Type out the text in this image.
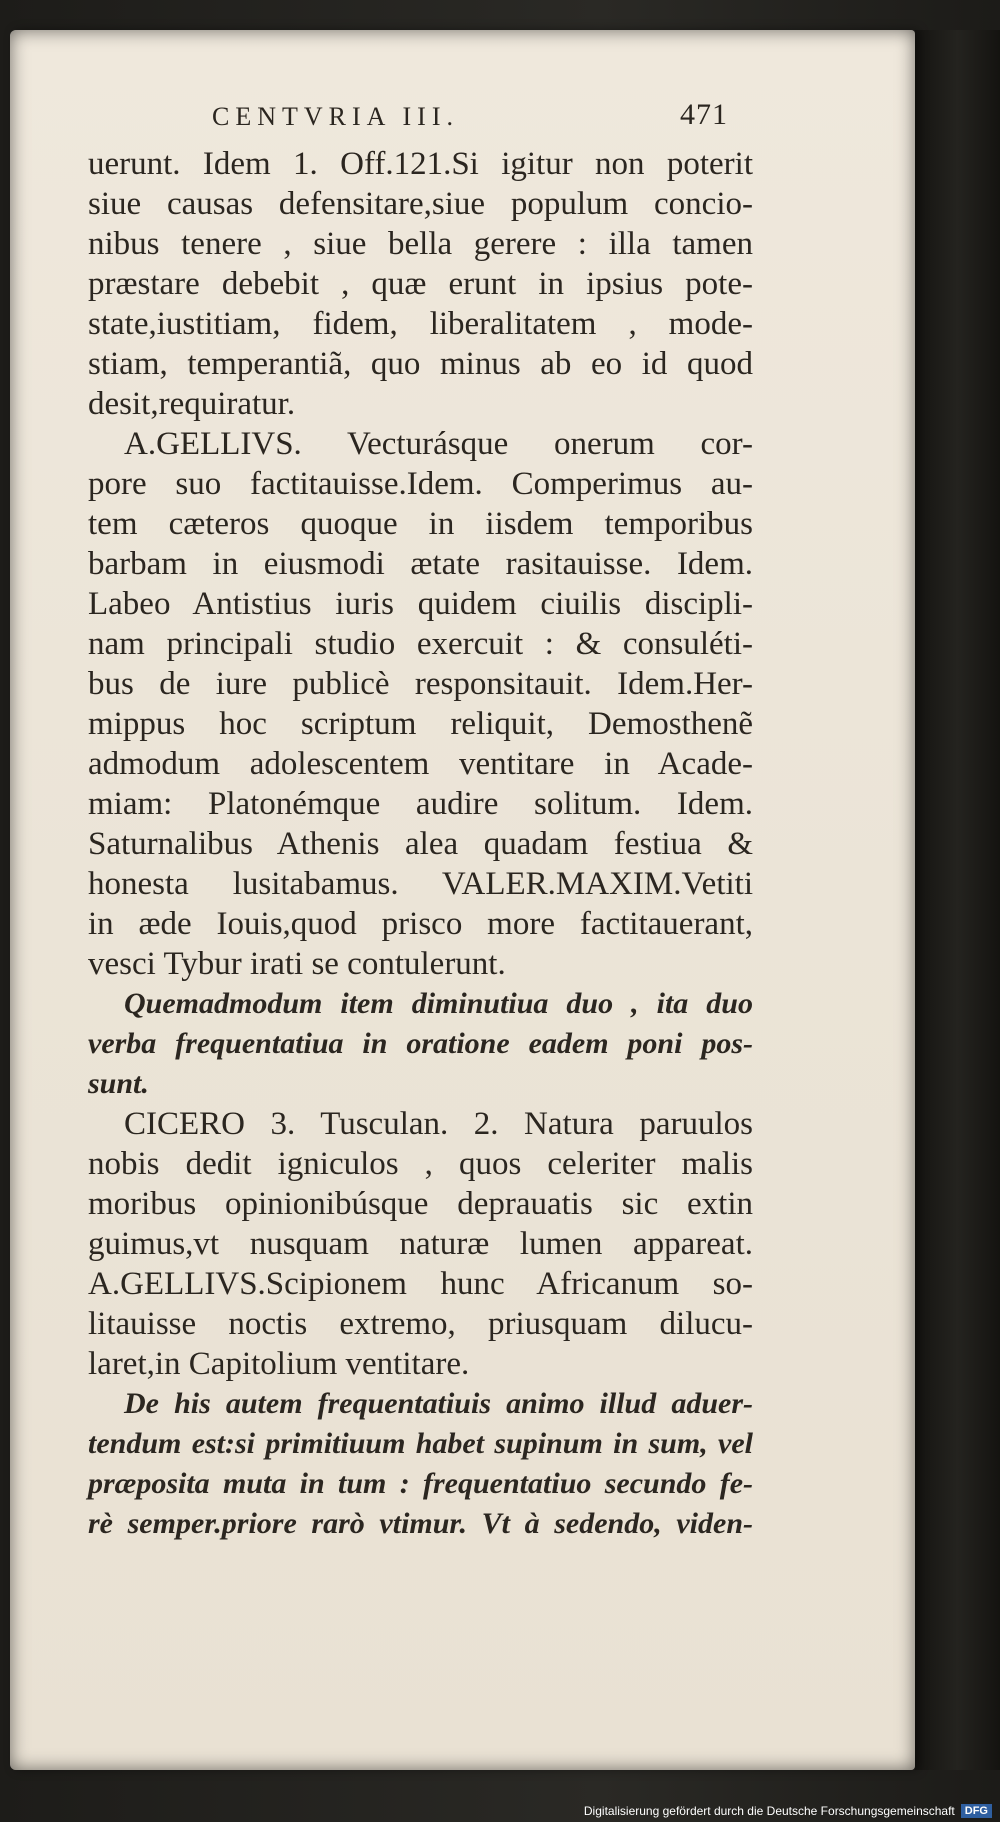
CENTVRIA III.	471
uerunt. Idem 1. Off.121.Si igitur non poterit
siue causas defensitare,siue populum concio-
nibus tenere , siue bella gerere : illa tamen
præstare debebit , quæ erunt in ipsius pote-
state,iustitiam, fidem, liberalitatem , mode-
stiam, temperantiã, quo minus ab eo id quod
desit,requiratur.
A.GELLIVS. Vecturásque onerum cor-
pore suo factitauisse.Idem. Comperimus au-
tem cæteros quoque in iisdem temporibus
barbam in eiusmodi ætate rasitauisse. Idem.
Labeo Antistius iuris quidem ciuilis discipli-
nam principali studio exercuit : & consuléti-
bus de iure publicè responsitauit. Idem.Her-
mippus hoc scriptum reliquit, Demosthenẽ
admodum adolescentem ventitare in Acade-
miam: Platonémque audire solitum. Idem.
Saturnalibus Athenis alea quadam festiua &
honesta lusitabamus. VALER.MAXIM.Vetiti
in æde Iouis,quod prisco more factitauerant,
vesci Tybur irati se contulerunt.
Quemadmodum item diminutiua duo , ita duo
verba frequentatiua in oratione eadem poni pos-
sunt.
CICERO 3. Tusculan. 2. Natura paruulos
nobis dedit igniculos , quos celeriter malis
moribus opinionibúsque deprauatis sic extin
guimus,vt nusquam naturæ lumen appareat.
A.GELLIVS.Scipionem hunc Africanum so-
litauisse noctis extremo, priusquam dilucu-
laret,in Capitolium ventitare.
De his autem frequentatiuis animo illud aduer-
tendum est:si primitiuum habet supinum in sum, vel
præposita muta in tum : frequentatiuo secundo fe-
rè semper.priore rarò vtimur. Vt à sedendo, viden-
Digitalisierung gefördert durch die Deutsche Forschungsgemeinschaft DFG
